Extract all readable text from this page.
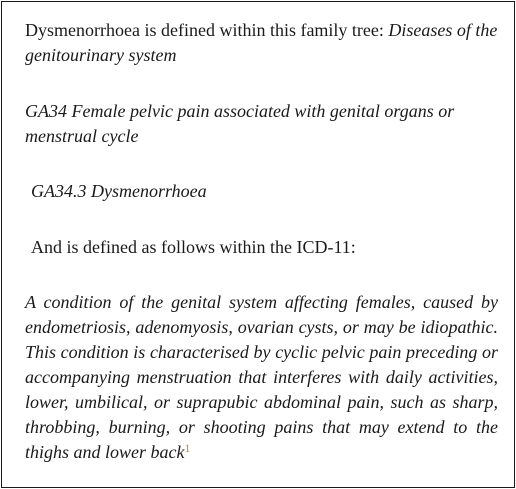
Dysmenorrhoea is defined within this family tree: Diseases of the genitourinary system

GA34 Female pelvic pain associated with genital organs or menstrual cycle

GA34.3 Dysmenorrhoea

And is defined as follows within the ICD-11:

A condition of the genital system affecting females, caused by endometriosis, adenomyosis, ovarian cysts, or may be idiopathic. This condition is characterised by cyclic pelvic pain preceding or accompanying menstruation that interferes with daily activities, lower, umbilical, or suprapubic abdominal pain, such as sharp, throbbing, burning, or shooting pains that may extend to the thighs and lower back$^1$
